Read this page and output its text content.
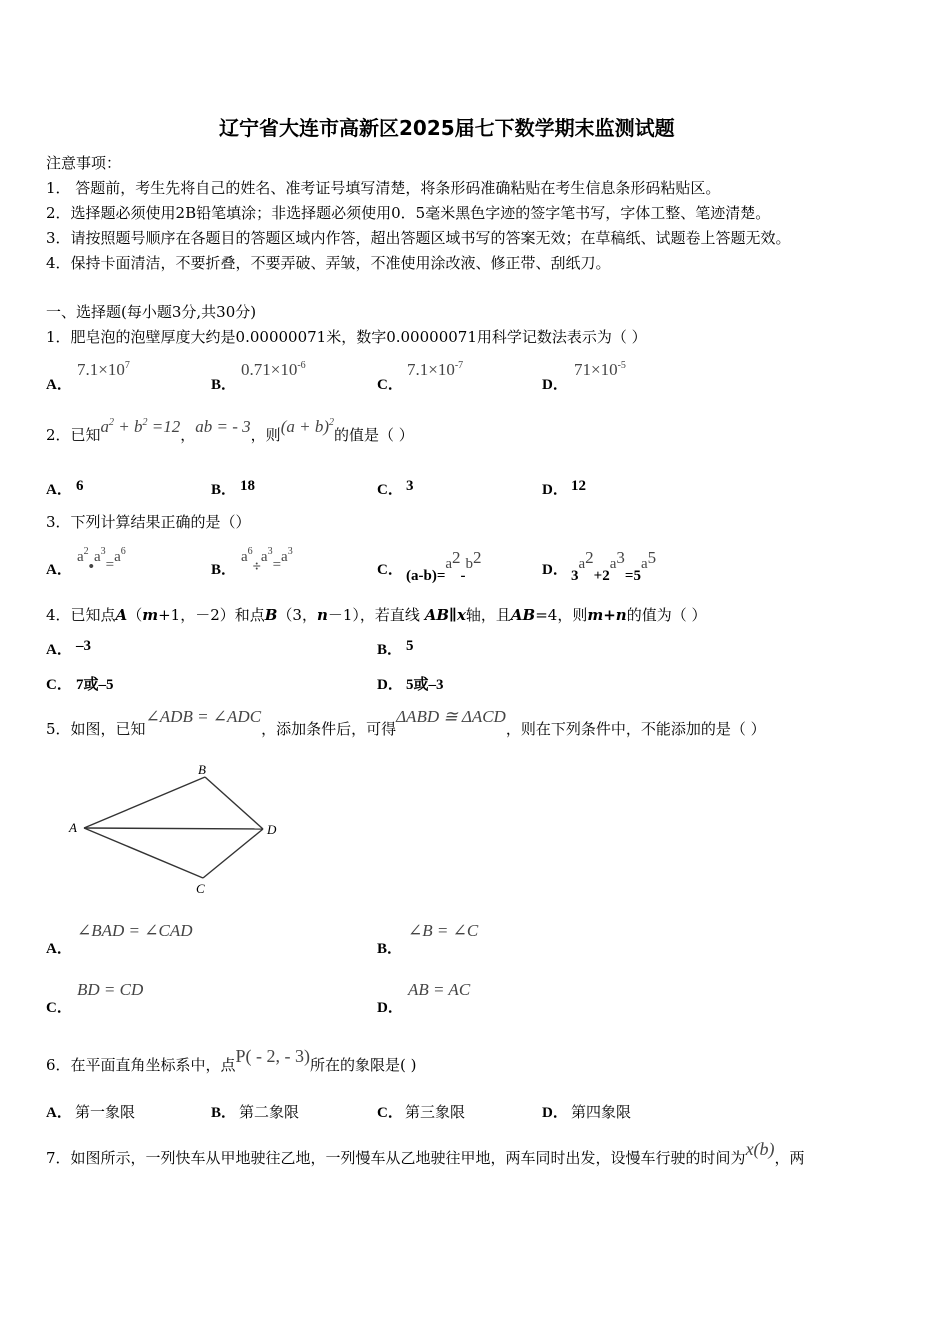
辽宁省大连市高新区2025届七下数学期末监测试题
注意事项：
1． 答题前，考生先将自己的姓名、准考证号填写清楚，将条形码准确粘贴在考生信息条形码粘贴区。
2．选择题必须使用2B铅笔填涂；非选择题必须使用0．5毫米黑色字迹的签字笔书写，字体工整、笔迹清楚。
3．请按照题号顺序在各题目的答题区域内作答，超出答题区域书写的答案无效；在草稿纸、试题卷上答题无效。
4．保持卡面清洁，不要折叠，不要弄破、弄皱，不准使用涂改液、修正带、刮纸刀。
一、选择题(每小题3分,共30分)
1．肥皂泡的泡壁厚度大约是0.00000071米，数字0.00000071用科学记数法表示为（ ）
A．
$7.1\times 10^7$
B．
$0.71\times 10^{-6}$
C．
$7.1\times 10^{-7}$
D．
$71\times 10^{-5}$
2．已知$a^2 + b^2 =12$，ab = - 3，则$(a + b)^2$的值是（ ）
A． 6	B． 18	C． 3	D． 12
3．下列计算结果正确的是（）
A．
$a^2•a^3=a^6$
B．
$a^6\div a^3=a^3$
C． $(a-b)=a^2-b^2$
D． $3a^2+2a^3=5a^5$
4．已知点A（m+1，－2）和点B（3，n－1），若直线 AB∥x轴，且AB=4，则m+n的值为（ ）
A． –3	B． 5
C． 7或–5	D． 5或–3
5．如图，已知∠ADB = ∠ADC，添加条件后，可得ΔABD ≅ ΔACD，则在下列条件中，不能添加的是（ ）
A
B
C
D
A．
∠BAD = ∠CAD
B．
∠B = ∠C
C．
BD = CD
D．
AB = AC
6．在平面直角坐标系中，点P( - 2, - 3)所在的象限是( )
A． 第一象限	B． 第二象限	C． 第三象限	D． 第四象限
7．如图所示，一列快车从甲地驶往乙地，一列慢车从乙地驶往甲地，两车同时出发，设慢车行驶的时间为x(b)，两
